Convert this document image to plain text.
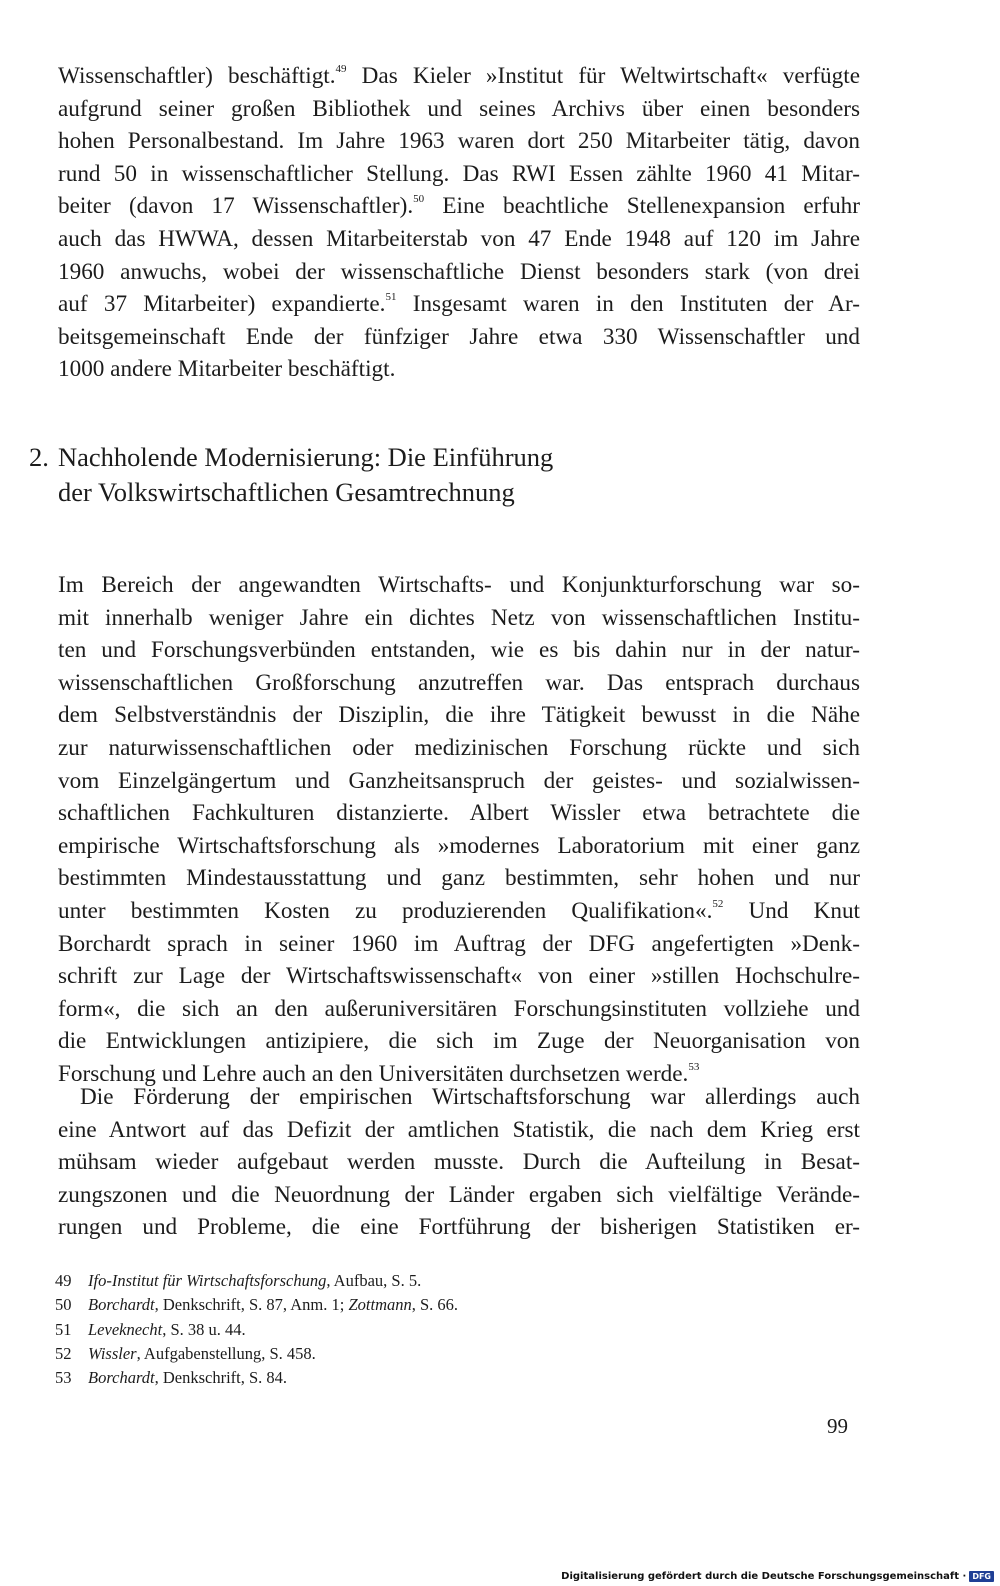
Wissenschaftler) beschäftigt.$^{49}$ Das Kieler »Institut für Weltwirtschaft« verfügte
aufgrund seiner großen Bibliothek und seines Archivs über einen besonders
hohen Personalbestand. Im Jahre 1963 waren dort 250 Mitarbeiter tätig, davon
rund 50 in wissenschaftlicher Stellung. Das RWI Essen zählte 1960 41 Mitar-
beiter (davon 17 Wissenschaftler).$^{50}$ Eine beachtliche Stellenexpansion erfuhr
auch das HWWA, dessen Mitarbeiterstab von 47 Ende 1948 auf 120 im Jahre
1960 anwuchs, wobei der wissenschaftliche Dienst besonders stark (von drei
auf 37 Mitarbeiter) expandierte.$^{51}$ Insgesamt waren in den Instituten der Ar-
beitsgemeinschaft Ende der fünfziger Jahre etwa 330 Wissenschaftler und
1000 andere Mitarbeiter beschäftigt.
2. Nachholende Modernisierung: Die Einführung
der Volkswirtschaftlichen Gesamtrechnung
Im Bereich der angewandten Wirtschafts- und Konjunkturforschung war so-
mit innerhalb weniger Jahre ein dichtes Netz von wissenschaftlichen Institu-
ten und Forschungsverbünden entstanden, wie es bis dahin nur in der natur-
wissenschaftlichen Großforschung anzutreffen war. Das entsprach durchaus
dem Selbstverständnis der Disziplin, die ihre Tätigkeit bewusst in die Nähe
zur naturwissenschaftlichen oder medizinischen Forschung rückte und sich
vom Einzelgängertum und Ganzheitsanspruch der geistes- und sozialwissen-
schaftlichen Fachkulturen distanzierte. Albert Wissler etwa betrachtete die
empirische Wirtschaftsforschung als »modernes Laboratorium mit einer ganz
bestimmten Mindestausstattung und ganz bestimmten, sehr hohen und nur
unter bestimmten Kosten zu produzierenden Qualifikation«.$^{52}$ Und Knut
Borchardt sprach in seiner 1960 im Auftrag der DFG angefertigten »Denk-
schrift zur Lage der Wirtschaftswissenschaft« von einer »stillen Hochschulre-
form«, die sich an den außeruniversitären Forschungsinstituten vollziehe und
die Entwicklungen antizipiere, die sich im Zuge der Neuorganisation von
Forschung und Lehre auch an den Universitäten durchsetzen werde.$^{53}$
Die Förderung der empirischen Wirtschaftsforschung war allerdings auch
eine Antwort auf das Defizit der amtlichen Statistik, die nach dem Krieg erst
mühsam wieder aufgebaut werden musste. Durch die Aufteilung in Besat-
zungszonen und die Neuordnung der Länder ergaben sich vielfältige Verände-
rungen und Probleme, die eine Fortführung der bisherigen Statistiken er-
49 Ifo-Institut für Wirtschaftsforschung, Aufbau, S. 5.
50 Borchardt, Denkschrift, S. 87, Anm. 1; Zottmann, S. 66.
51 Leveknecht, S. 38 u. 44.
52 Wissler, Aufgabenstellung, S. 458.
53 Borchardt, Denkschrift, S. 84.
99
Digitalisierung gefördert durch die Deutsche Forschungsgemeinschaft · DFG
